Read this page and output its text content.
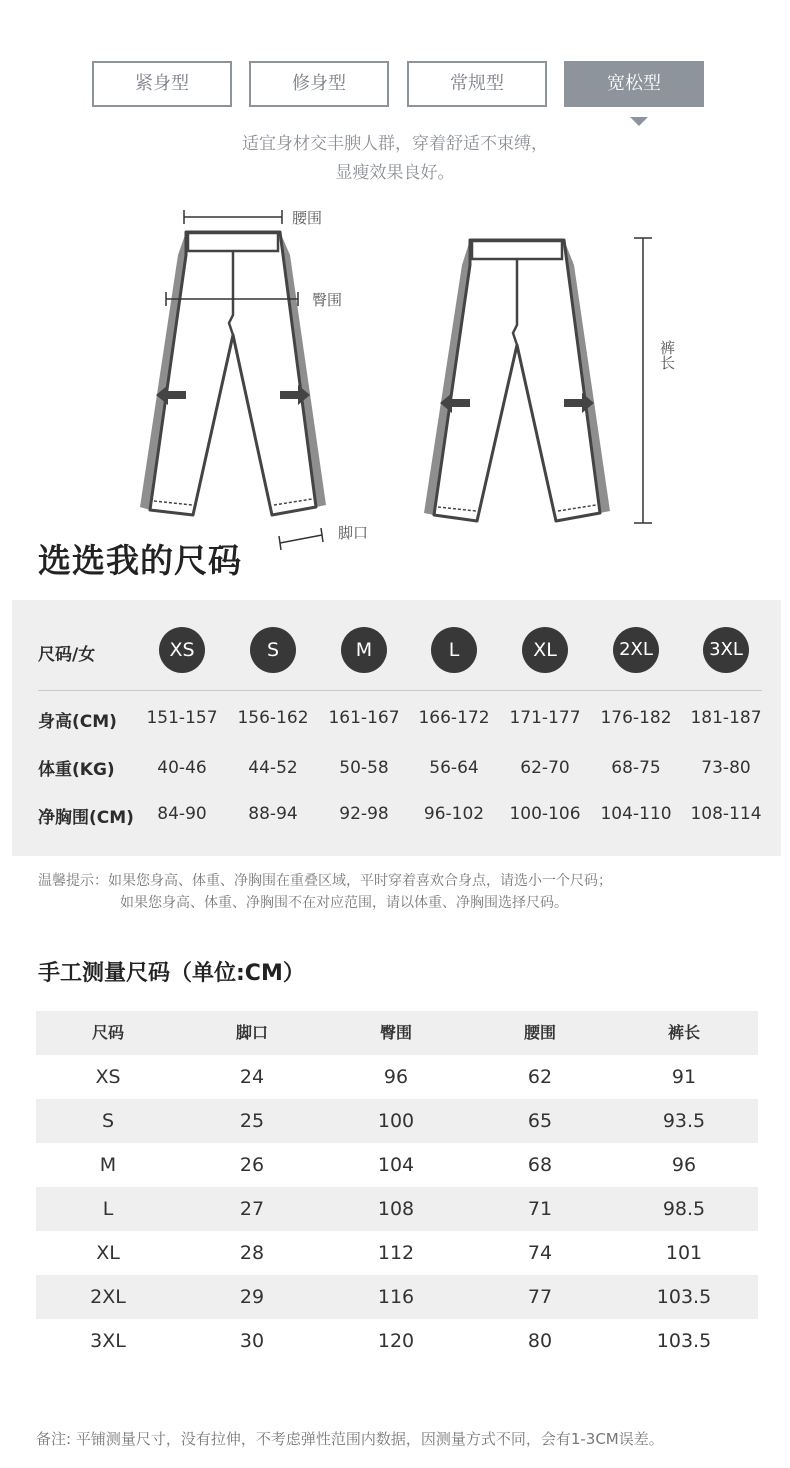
紧身型	修身型	常规型	宽松型
适宜身材交丰腴人群，穿着舒适不束缚，
显瘦效果良好。
腰围
臀围
脚口
裤长
选选我的尺码
尺码/女	XS	S	M	L	XL	2XL	3XL
身高(CM)	151-157	156-162	161-167	166-172	171-177	176-182	181-187
体重(KG)	40-46	44-52	50-58	56-64	62-70	68-75	73-80
净胸围(CM)	84-90	88-94	92-98	96-102	100-106	104-110	108-114
温馨提示：如果您身高、体重、净胸围在重叠区域，平时穿着喜欢合身点，请选小一个尺码；
如果您身高、体重、净胸围不在对应范围，请以体重、净胸围选择尺码。
手工测量尺码（单位:CM）
尺码	脚口	臀围	腰围	裤长
XS	24	96	62	91
S	25	100	65	93.5
M	26	104	68	96
L	27	108	71	98.5
XL	28	112	74	101
2XL	29	116	77	103.5
3XL	30	120	80	103.5
备注: 平铺测量尺寸，没有拉伸，不考虑弹性范围内数据，因测量方式不同，会有1-3CM误差。
